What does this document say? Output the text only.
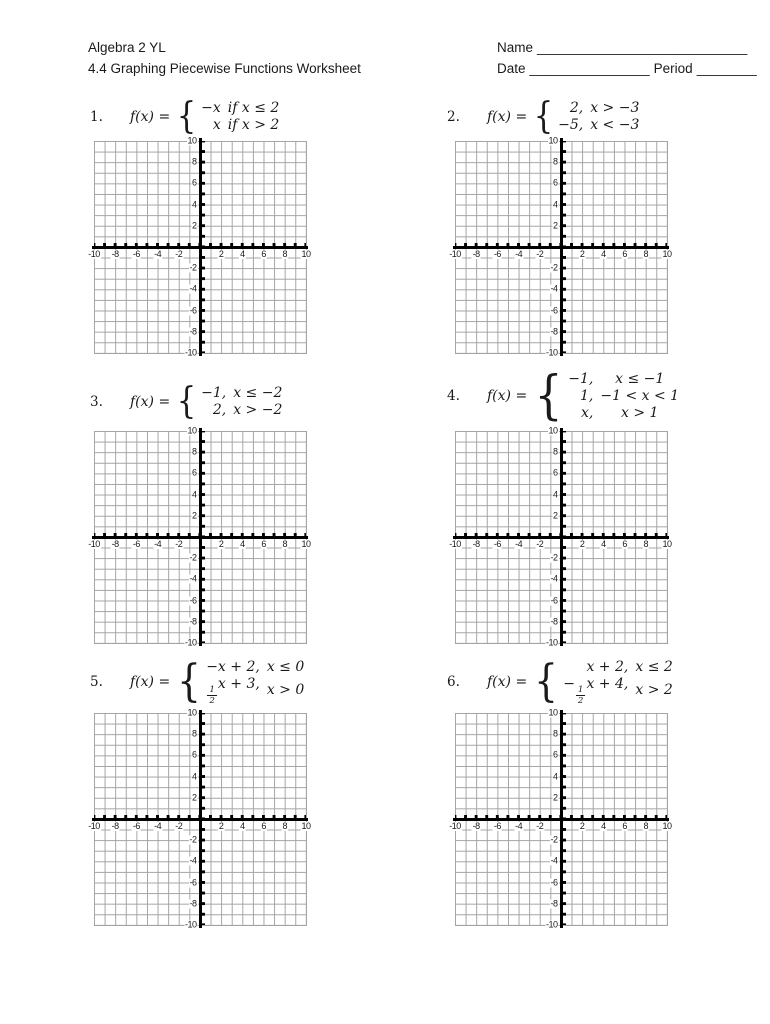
Algebra 2 YL
4.4 Graphing Piecewise Functions Worksheet
Name ____________________________
Date ________________ Period ________
1.	f(x) = { −x if x ≤ 2
x if x > 2	2.	f(x) = { 2, x > −3
−5, x < −3
3.	f(x) = { −1, x ≤ −2
2, x > −2
4.	f(x) = { −1, x ≤ −1
1, −1 < x < 1
x, x > 1
5.	f(x) = { −x + 2, x ≤ 0
$\frac{1}{2}$
x + 3, x > 0	6.	f(x) = { x + 2, x ≤ 2
−
$\frac{1}{2}$
x + 4, x > 2
-10 -8 -6 -4 -2	2 4 6 8 10
10
8
6
4
2
-2
-4
-6
-8
-10
-10 -8 -6 -4 -2	2 4 6 8 10
10
8
6
4
2
-2
-4
-6
-8
-10
-10 -8 -6 -4 -2	2 4 6 8 10
10
8
6
4
2
-2
-4
-6
-8
-10
-10 -8 -6 -4 -2	2 4 6 8 10
10
8
6
4
2
-2
-4
-6
-8
-10
-10 -8 -6 -4 -2	2 4 6 8 10
10
8
6
4
2
-2
-4
-6
-8
-10
-10 -8 -6 -4 -2	2 4 6 8 10
10
8
6
4
2
-2
-4
-6
-8
-10
